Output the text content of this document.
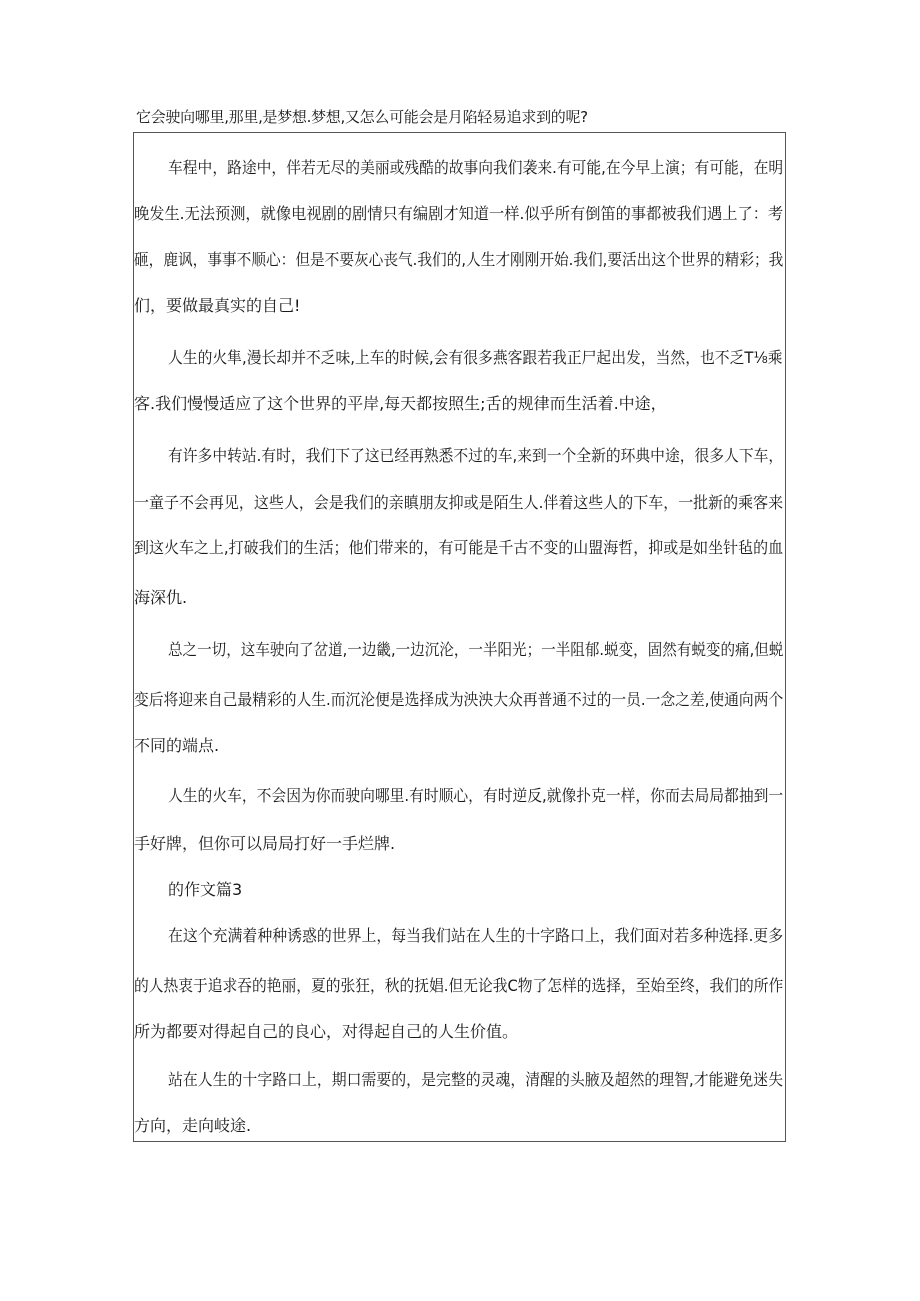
它会驶向哪里,那里,是梦想.梦想,又怎么可能会是月陷轻易追求到的呢?
车程中，路途中，伴若无尽的美丽或残酷的故事向我们袭来.有可能,在今早上演；有可能，在明
晚发生.无法预测，就像电视剧的剧情只有编剧才知道一样.似乎所有倒笛的事都被我们遇上了：考
砸，鹿讽，事事不顺心：但是不要灰心丧气.我们的,人生才刚刚开始.我们,要活出这个世界的精彩；我
们，要做最真实的自己!
人生的火隼,漫长却并不乏味,上车的时候,会有很多燕客跟若我正尸起出发，当然，也不乏T⅛乘
客.我们慢慢适应了这个世界的平岸,每天都按照生;舌的规律而生活着.中途，
有许多中转站.有时，我们下了这已经再熟悉不过的车,来到一个全新的环典中途，很多人下车，
一童子不会再见，这些人，会是我们的亲瞋朋友抑或是陌生人.伴着这些人的下车，一批新的乘客来
到这火车之上,打破我们的生活；他们带来的，有可能是千古不变的山盟海哲，抑或是如坐针毡的血
海深仇.
总之一切，这车驶向了岔道,一边畿,一边沉沦，一半阳光；一半阻郁.蜕变，固然有蜕变的痛,但蜕
变后将迎来自己最精彩的人生.而沉沦便是选择成为泱泱大众再普通不过的一员.一念之差,使通向两个
不同的端点.
人生的火车，不会因为你而驶向哪里.有时顺心，有时逆反,就像扑克一样，你而去局局都抽到一
手好牌，但你可以局局打好一手烂牌.
的作文篇3
在这个充满着种种诱惑的世界上，每当我们站在人生的十字路口上，我们面对若多种选择.更多
的人热衷于追求吞的艳丽，夏的张狂，秋的抚娼.但无论我C物了怎样的选择，至始至终，我们的所作
所为都要对得起自己的良心，对得起自己的人生价值。
站在人生的十字路口上，期口需要的，是完整的灵魂，清醒的头腋及超然的理智,才能避免迷失
方向，走向岐途.
